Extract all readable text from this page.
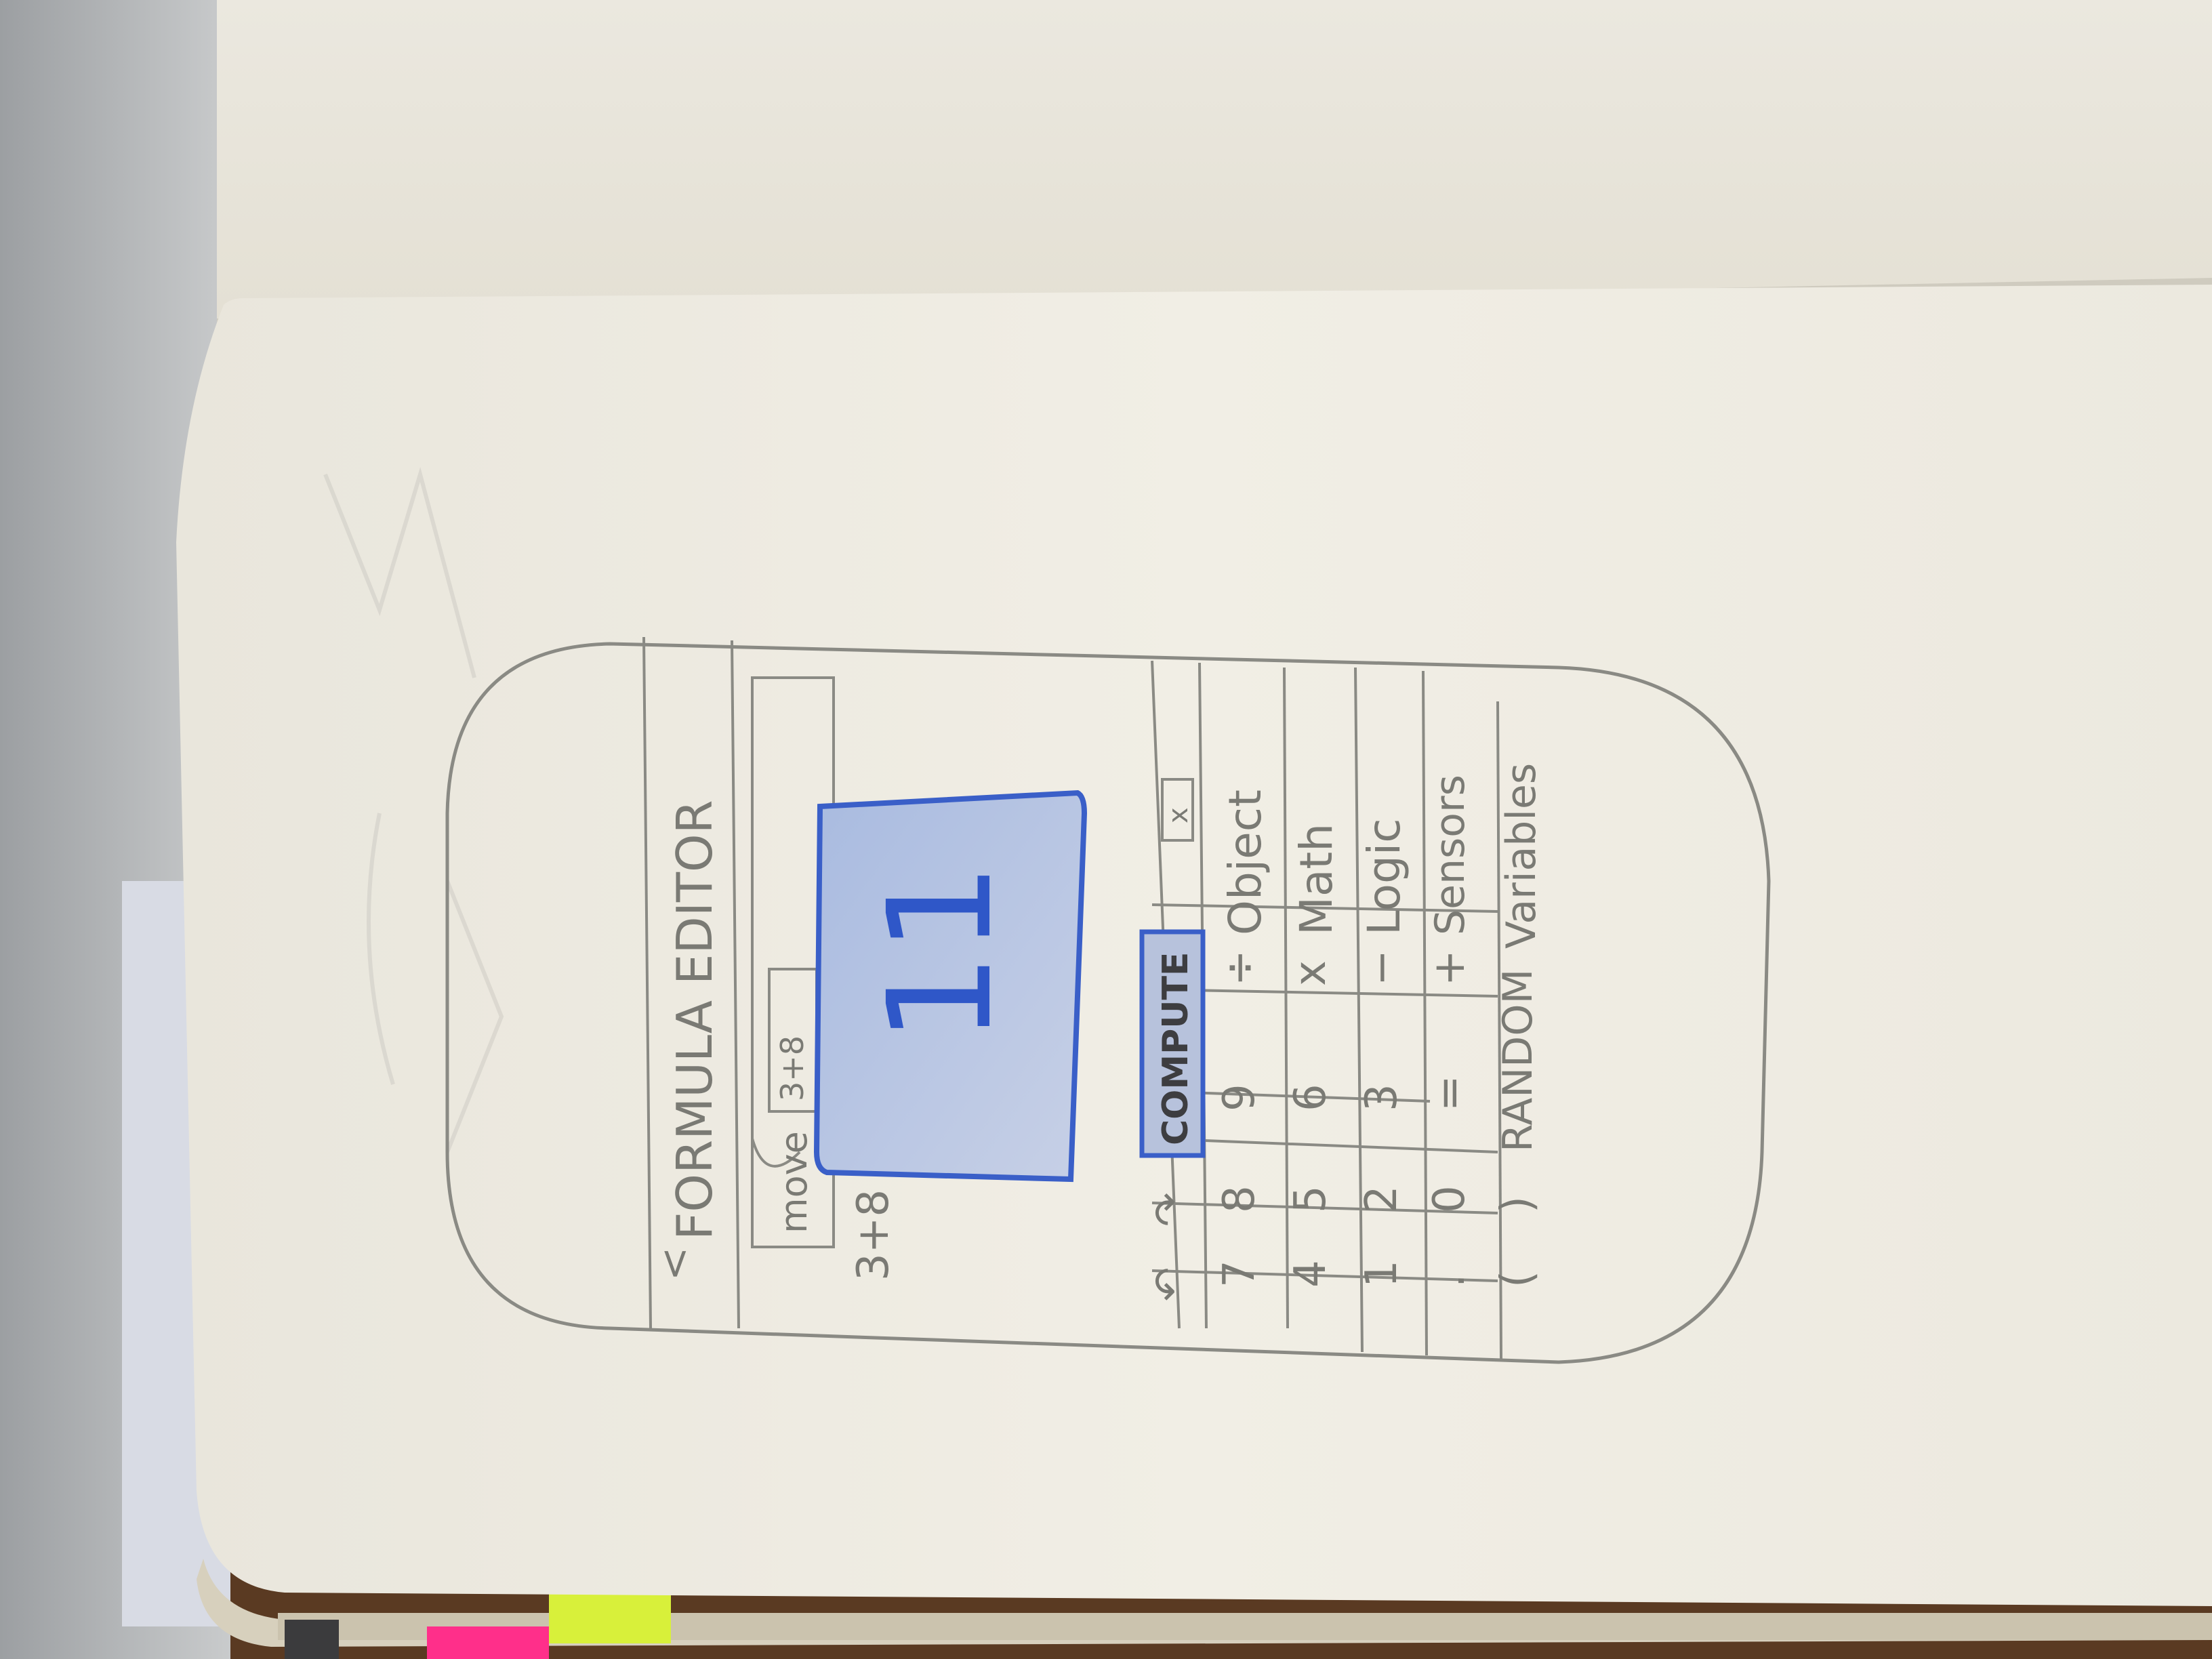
<
FORMULA EDITOR move
3+8
3+8
11
↶
↷
COMPUTE
x
7
8
9
÷
4
5
6
x
1
2
3
−
.
0
=
+
(
)
RANDOM
Object Math Logic Sensors Variables
